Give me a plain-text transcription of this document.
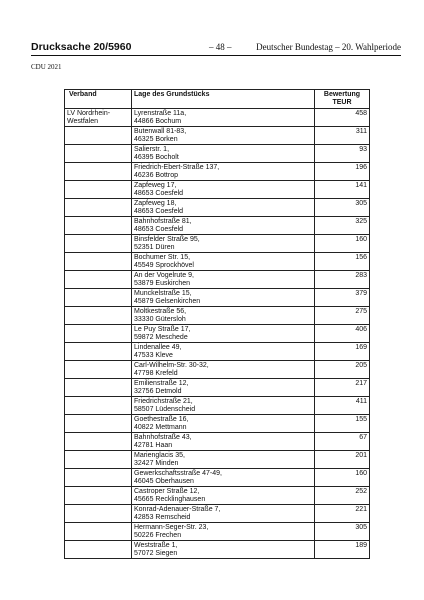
Drucksache 20/5960	– 48 –	Deutscher Bundestag – 20. Wahlperiode
CDU 2021
Verband	Lage des Grundstücks	Bewertung
TEUR

LV Nordrhein-Westfalen	Lyrenstraße 11a,
44866 Bochum	458

	Butenwall 81-83,
46325 Borken	311

	Salierstr. 1,
46395 Bocholt	93

	Friedrich-Ebert-Straße 137,
46236 Bottrop	196

	Zapfeweg 17,
48653 Coesfeld	141

	Zapfeweg 18,
48653 Coesfeld	305

	Bahnhofstraße 81,
48653 Coesfeld	325

	Binsfelder Straße 95,
52351 Düren	160

	Bochumer Str. 15,
45549 Sprockhövel	156

	An der Vogelrute 9,
53879 Euskirchen	283

	Munckelstraße 15,
45879 Gelsenkirchen	379

	Moltkestraße 56,
33330 Gütersloh	275

	Le Puy Straße 17,
59872 Meschede	406

	Lindenallee 49,
47533 Kleve	169

	Carl-Wilhelm-Str. 30-32,
47798 Krefeld	205

	Emilienstraße 12,
32756 Detmold	217

	Friedrichstraße 21,
58507 Lüdenscheid	411

	Goethestraße 16,
40822 Mettmann	155

	Bahnhofstraße 43,
42781 Haan	67

	Marienglacis 35,
32427 Minden	201

	Gewerkschaftsstraße 47-49,
46045 Oberhausen	160

	Castroper Straße 12,
45665 Recklinghausen	252

	Konrad-Adenauer-Straße 7,
42853 Remscheid	221

	Hermann-Seger-Str. 23,
50226 Frechen	305

	Weststraße 1,
57072 Siegen	189
